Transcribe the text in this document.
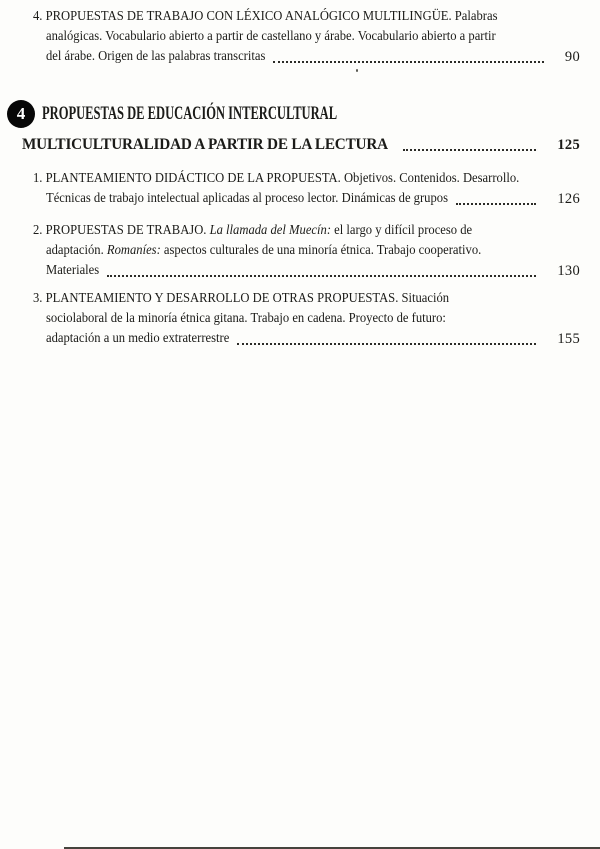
4. PROPUESTAS DE TRABAJO CON LÉXICO ANALÓGICO MULTILINGÜE. Palabras
analógicas. Vocabulario abierto a partir de castellano y árabe. Vocabulario abierto a partir
del árabe. Origen de las palabras transcritas	90
4 PROPUESTAS DE EDUCACIÓN INTERCULTURAL
MULTICULTURALIDAD A PARTIR DE LA LECTURA	125
1. PLANTEAMIENTO DIDÁCTICO DE LA PROPUESTA. Objetivos. Contenidos. Desarrollo.
Técnicas de trabajo intelectual aplicadas al proceso lector. Dinámicas de grupos	126
2. PROPUESTAS DE TRABAJO. La llamada del Muecín: el largo y difícil proceso de
adaptación. Romaníes: aspectos culturales de una minoría étnica. Trabajo cooperativo.
Materiales	130
3. PLANTEAMIENTO Y DESARROLLO DE OTRAS PROPUESTAS. Situación
sociolaboral de la minoría étnica gitana. Trabajo en cadena. Proyecto de futuro:
adaptación a un medio extraterrestre	155
